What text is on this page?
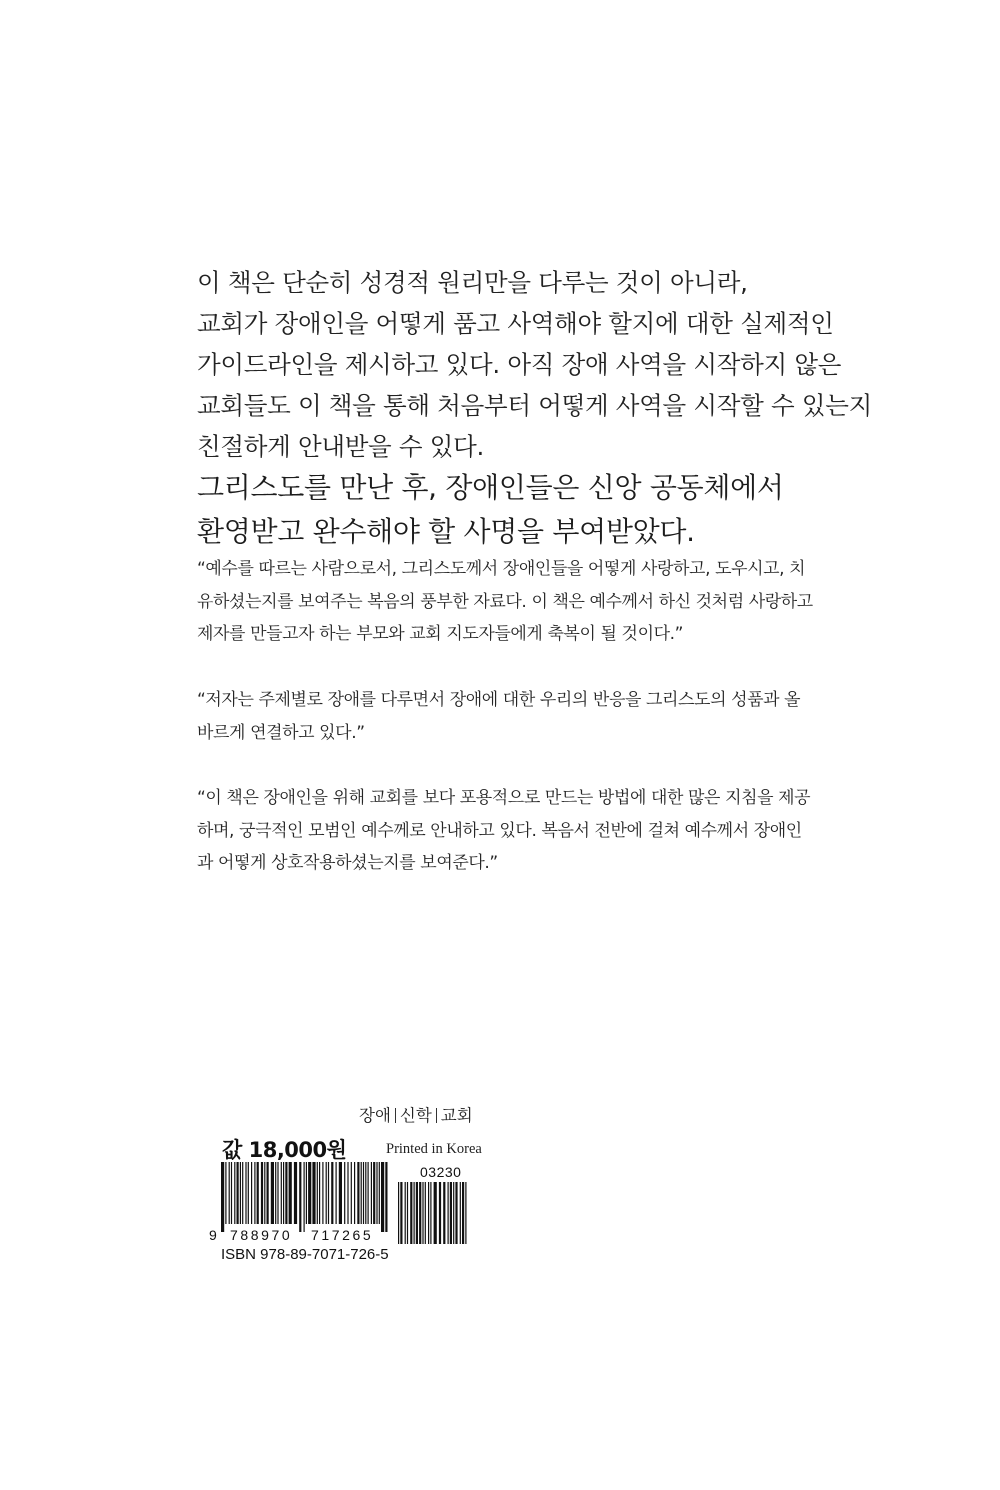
이 책은 단순히 성경적 원리만을 다루는 것이 아니라,
교회가 장애인을 어떻게 품고 사역해야 할지에 대한 실제적인
가이드라인을 제시하고 있다. 아직 장애 사역을 시작하지 않은
교회들도 이 책을 통해 처음부터 어떻게 사역을 시작할 수 있는지
친절하게 안내받을 수 있다.
그리스도를 만난 후, 장애인들은 신앙 공동체에서
환영받고 완수해야 할 사명을 부여받았다.
“예수를 따르는 사람으로서, 그리스도께서 장애인들을 어떻게 사랑하고, 도우시고, 치
유하셨는지를 보여주는 복음의 풍부한 자료다. 이 책은 예수께서 하신 것처럼 사랑하고
제자를 만들고자 하는 부모와 교회 지도자들에게 축복이 될 것이다.”
“저자는 주제별로 장애를 다루면서 장애에 대한 우리의 반응을 그리스도의 성품과 올
바르게 연결하고 있다.”
“이 책은 장애인을 위해 교회를 보다 포용적으로 만드는 방법에 대한 많은 지침을 제공
하며, 궁극적인 모범인 예수께로 안내하고 있다. 복음서 전반에 걸쳐 예수께서 장애인
과 어떻게 상호작용하셨는지를 보여준다.”
장애 신학 교회
값 18,000원	Printed in Korea
03230
9 788970 717265
ISBN 978-89-7071-726-5
